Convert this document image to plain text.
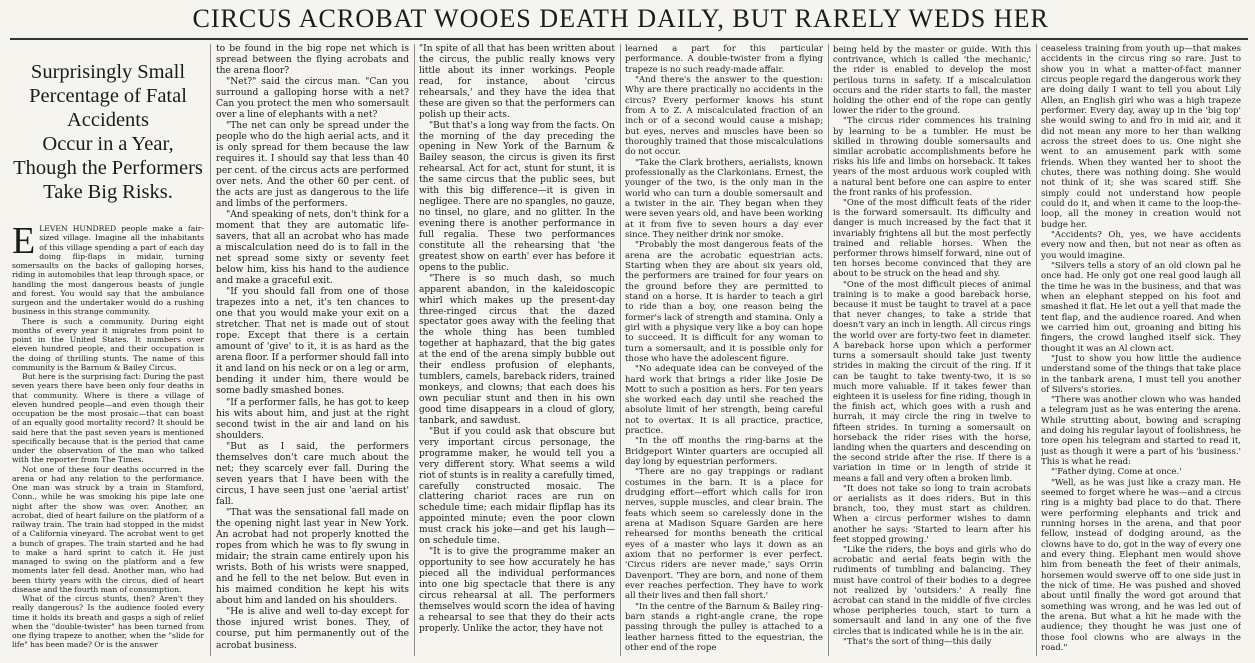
CIRCUS ACROBAT WOOES DEATH DAILY, BUT RARELY WEDS HER
Surprisingly Small Percentage of Fatal Accidents
Occur in a Year, Though the Performers
Take Big Risks.

ELEVEN HUNDRED people make a fair-sized village. Imagine all the inhabitants of this village spending a part of each day doing flip-flaps in midair, turning somersaults on the backs of galloping horses, riding in automobiles that leap through space, or handling the most dangerous beasts of jungle and forest. You would say that the ambulance surgeon and the undertaker would do a rushing business in this strange community.

There is such a community. During eight months of every year it migrates from point to point in the United States. It numbers over eleven hundred people, and their occupation is the doing of thrilling stunts. The name of this community is the Barnum & Bailey Circus.

But here is the surprising fact: During the past seven years there have been only four deaths in that community. Where is there a village of eleven hundred people—and even though their occupation be the most prosaic—that can boast of an equally good mortality record? It should be said here that the past seven years is mentioned specifically because that is the period that came under the observation of the man who talked with the reporter from The Times.

Not one of these four deaths occurred in the arena or had any relation to the performance. One man was struck by a train in Stamford, Conn., while he was smoking his pipe late one night after the show was over. Another, an acrobat, died of heart failure on the platform of a railway train. The train had stopped in the midst of a California vineyard. The acrobat went to get a bunch of grapes. The train started and he had to make a hard sprint to catch it. He just managed to swing on the platform and a few moments later fell dead. Another man, who had been thirty years with the circus, died of heart disease and the fourth man of consumption.

What of the circus stunts, then? Aren't they really dangerous? Is the audience fooled every time it holds its breath and gasps a sigh of relief when the "double-twister" has been turned from one flying trapeze to another, when the "slide for life" has been made? Or is the answer

to be found in the big rope net which is spread between the flying acrobats and the arena floor?

"Net?" said the circus man. "Can you surround a galloping horse with a net? Can you protect the men who somersault over a line of elephants with a net?

"The net can only be spread under the people who do the high aerial acts, and it is only spread for them because the law requires it. I should say that less than 40 per cent. of the circus acts are performed over nets. And the other 60 per cent. of the acts are just as dangerous to the life and limbs of the performers.

"And speaking of nets, don't think for a moment that they are automatic life-savers, that all an acrobat who has made a miscalculation need do is to fall in the net spread some sixty or seventy feet below him, kiss his hand to the audience and make a graceful exit.

"If you should fall from one of those trapezes into a net, it's ten chances to one that you would make your exit on a stretcher. That net is made out of stout rope. Except that there is a certain amount of 'give' to it, it is as hard as the arena floor. If a performer should fall into it and land on his neck or on a leg or arm, bending it under him, there would be some badly smashed bones.

"If a performer falls, he has got to keep his wits about him, and just at the right second twist in the air and land on his shoulders.

"But as I said, the performers themselves don't care much about the net; they scarcely ever fall. During the seven years that I have been with the circus, I have seen just one 'aerial artist' fall.

"That was the sensational fall made on the opening night last year in New York. An acrobat had not properly knotted the ropes from which he was to fly swung in midair; the strain came entirely upon his wrists. Both of his wrists were snapped, and he fell to the net below. But even in his maimed condition he kept his wits about him and landed on his shoulders.

"He is alive and well to-day except for those injured wrist bones. They, of course, put him permanently out of the acrobat business.

"In spite of all that has been written about the circus, the public really knows very little about its inner workings. People read, for instance, about 'circus rehearsals,' and they have the idea that these are given so that the performers can polish up their acts.

"But that's a long way from the facts. On the morning of the day preceding the opening in New York of the Barnum & Bailey season, the circus is given its first rehearsal. Act for act, stunt for stunt, it is the same circus that the public sees, but with this big difference—it is given in negligee. There are no spangles, no gauze, no tinsel, no glare, and no glitter. In the evening there is another performance in full regalia. These two performances constitute all the rehearsing that 'the greatest show on earth' ever has before it opens to the public.

"There is so much dash, so much apparent abandon, in the kaleidoscopic whirl which makes up the present-day three-ringed circus that the dazed spectator goes away with the feeling that the whole thing has been tumbled together at haphazard, that the big gates at the end of the arena simply bubble out their endless profusion of elephants, tumblers, camels, bareback riders, trained monkeys, and clowns; that each does his own peculiar stunt and then in his own good time disappears in a cloud of glory, tanbark, and sawdust.

"But if you could ask that obscure but very important circus personage, the programme maker, he would tell you a very different story. What seems a wild riot of stunts is in reality a carefully timed, carefully constructed mosaic. The clattering chariot races are run on schedule time; each midair flipflap has its appointed minute; even the poor clown must crack his joke—and get his laugh—on schedule time.

"It is to give the programme maker an opportunity to see how accurately he has pieced all the individual performances into one big spectacle that there is any circus rehearsal at all. The performers themselves would scorn the idea of having a rehearsal to see that they do their acts properly. Unlike the actor, they have not

learned a part for this particular performance. A double-twister from a flying trapeze is no such ready-made affair.

"And there's the answer to the question: Why are there practically no accidents in the circus? Every performer knows his stunt from A to Z. A miscalculated fraction of an inch or of a second would cause a mishap; but eyes, nerves and muscles have been so thoroughly trained that those miscalculations do not occur.

"Take the Clark brothers, aerialists, known professionally as the Clarkonians. Ernest, the younger of the two, is the only man in the world who can turn a double somersault and a twister in the air. They began when they were seven years old, and have been working at it from five to seven hours a day ever since. They neither drink nor smoke.

"Probably the most dangerous feats of the arena are the acrobatic equestrian acts. Starting when they are about six years old, the performers are trained for four years on the ground before they are permitted to stand on a horse. It is harder to teach a girl to ride than a boy, one reason being the former's lack of strength and stamina. Only a girl with a physique very like a boy can hope to succeed. It is difficult for any woman to turn a somersault, and it is possible only for those who have the adolescent figure.

"No adequate idea can be conveyed of the hard work that brings a rider like Josie De Mott to such a position as hers. For ten years she worked each day until she reached the absolute limit of her strength, being careful not to overtax. It is all practice, practice, practice.

"In the off months the ring-barns at the Bridgeport Winter quarters are occupied all day long by equestrian performers.

"There are no gay trappings or radiant costumes in the barn. It is a place for drudging effort—effort which calls for iron nerves, supple muscles, and clear brain. The feats which seem so carelessly done in the arena at Madison Square Garden are here rehearsed for months beneath the critical eyes of a master who lays it down as an axiom that no performer is ever perfect. 'Circus riders are never made,' says Orrin Davenport. 'They are born, and none of them ever reaches perfection. They have to work all their lives and then fall short.'

"In the centre of the Barnum & Bailey ring-barn stands a right-angle crane, the rope passing through the pulley is attached to a leather harness fitted to the equestrian, the other end of the rope

being held by the master or guide. With this contrivance, which is called 'the mechanic,' the rider is enabled to develop the most perilous turns in safety. If a miscalculation occurs and the rider starts to fall, the master holding the other end of the rope can gently lower the rider to the ground.

"The circus rider commences his training by learning to be a tumbler. He must be skilled in throwing double somersaults and similar acrobatic accomplishments before he risks his life and limbs on horseback. It takes years of the most arduous work coupled with a natural bent before one can aspire to enter the front ranks of his profession.

"One of the most difficult feats of the rider is the forward somersault. Its difficulty and danger is much increased by the fact that it invariably frightens all but the most perfectly trained and reliable horses. When the performer throws himself forward, nine out of ten horses become convinced that they are about to be struck on the head and shy.

"One of the most difficult pieces of animal training is to make a good bareback horse, because it must be taught to travel at a pace that never changes, to take a stride that doesn't vary an inch in length. All circus rings the world over are forty-two feet in diameter. A bareback horse upon which a performer turns a somersault should take just twenty strides in making the circuit of the ring. If it can be taught to take twenty-two, it is so much more valuable. If it takes fewer than eighteen it is useless for fine riding, though in the finish act, which goes with a rush and hurrah, it may circle the ring in twelve to fifteen strides. In turning a somersault on horseback the rider rises with the horse, landing when the quarters and descending on the second stride after the rise. If there is a variation in time or in length of stride it means a fall and very often a broken limb.

"It does not take so long to train acrobats or aerialists as it does riders. But in this branch, too, they must start as children. When a circus performer wishes to damn another he says: 'Started to learn after his feet stopped growing.'

"Like the riders, the boys and girls who do acrobatic and aerial feats begin with the rudiments of tumbling and balancing. They must have control of their bodies to a degree not realized by 'outsiders.' A really fine acrobat can stand in the middle of five circles whose peripheries touch, start to turn a somersault and land in any one of the five circles that is indicated while he is in the air.

"That's the sort of thing—this daily

ceaseless training from youth up—that makes accidents in the circus ring so rare. Just to show you in what a matter-of-fact manner circus people regard the dangerous work they are doing daily I want to tell you about Lily Allen, an English girl who was a high trapeze performer. Every day, away up in the 'big top' she would swing to and fro in mid air, and it did not mean any more to her than walking across the street does to us. One night she went to an amusement park with some friends. When they wanted her to shoot the chutes, there was nothing doing. She would not think of it; she was scared stiff. She simply could not understand how people could do it, and when it came to the loop-the-loop, all the money in creation would not budge her.

"Accidents? Oh, yes, we have accidents every now and then, but not near as often as you would imagine.

"Silvers tells a story of an old clown pal he once had. He only got one real good laugh all the time he was in the business, and that was when an elephant stepped on his foot and smashed it flat. He let out a yell that made the tent flap, and the audience roared. And when we carried him out, groaning and biting his fingers, the crowd laughed itself sick. They thought it was an Al clown act.

"Just to show you how little the audience understand some of the things that take place in the tanbark arena, I must tell you another of Silvers's stories.

"There was another clown who was handed a telegram just as he was entering the arena. While strutting about, bowing and scraping and doing his regular layout of foolishness, he tore open his telegram and started to read it, just as though it were a part of his 'business.' This is what he read:

"'Father dying. Come at once.'

"Well, as he was just like a crazy man. He seemed to forget where he was—and a circus ring is a mighty bad place to do that. There were performing elephants and trick and running horses in the arena, and that poor fellow, instead of dodging around, as the clowns have to do, got in the way of every one and every thing. Elephant men would shove him from beneath the feet of their animals, horsemen would swerve off to one side just in the nick of time. He was pushed and shoved about until finally the word got around that something was wrong, and he was led out of the arena. But what a hit he made with the audience; they thought he was just one of those fool clowns who are always in the road."
